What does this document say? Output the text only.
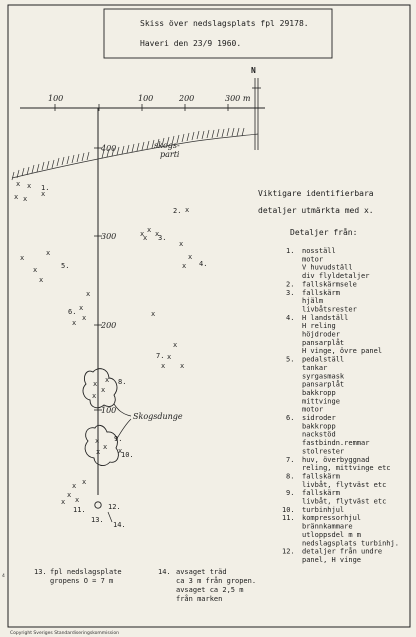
Skiss över nedslagsplats fpl 29178.
Haveri den 23/9 1960.
N
100	100	200	300 m
400
300
200
100
skogs-parti
x x
x x
x
x
x x x
x
x
x
x
x
x
x
x
x
x
x
x
x
x
x
x
x
x x
x
x
x
x
x
x
x
x
x
x	x
Skogsdunge
1.
2.
3.
4.
5.
6.
7.
8.
9.
10.
11.	12.
13.
14.
Viktigare identifierbara
detaljer utmärkta med x.
Detaljer från:
1. nosställ
motor
V huvudställ
div flyldetaljer
2. fallskärmsele
3. fallskärm
hjälm
livbåtsrester
4. H landställ
H reling
höjdroder
pansarplåt
H vinge, övre panel
5. pedalställ
tankar
syrgasmask
pansarplåt
bakkropp
mittvinge
motor
6. sidroder
bakkropp
nackstöd
fastbindn.remmar
stolrester
7. huv, överbyggnad
reling, mittvinge etc
8. fallskärm
livbåt, flytväst etc
9. fallskärm
livbåt, flytväst etc
10. turbinhjul
11. kompressorhjul
brännkammare
utloppsdel m m
nedslagsplats turbinhj.
12. detaljer från undre
panel, H vinge
13. fpl nedslagsplate
gropens O = 7 m
14. avsaget träd
ca 3 m från gropen.
avsaget ca 2,5 m
från marken
Copyright Sveriges Standardiseringskommission
4
